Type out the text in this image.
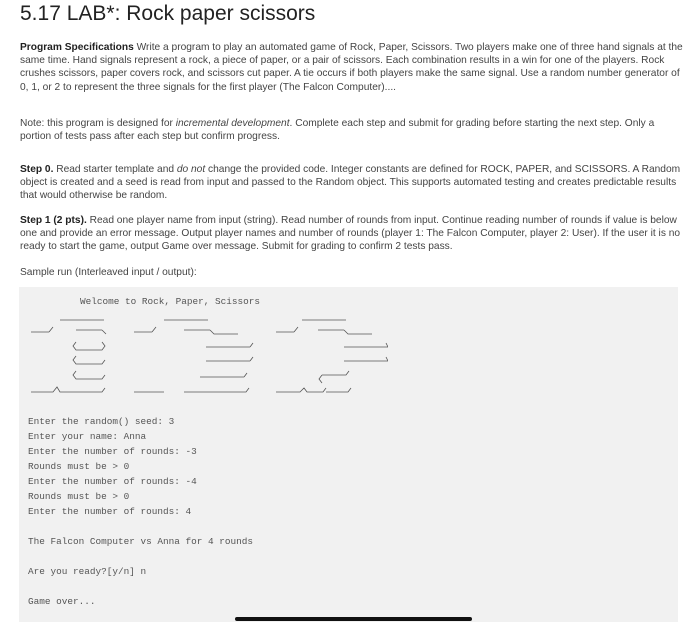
5.17 LAB*: Rock paper scissors

Program Specifications Write a program to play an automated game of Rock, Paper, Scissors. Two players make one of three hand signals at the same time. Hand signals represent a rock, a piece of paper, or a pair of scissors. Each combination results in a win for one of the players. Rock crushes scissors, paper covers rock, and scissors cut paper. A tie occurs if both players make the same signal. Use a random number generator of 0, 1, or 2 to represent the three signals for the first player (The Falcon Computer)....

Note: this program is designed for incremental development. Complete each step and submit for grading before starting the next step. Only a portion of tests pass after each step but confirm progress.

Step 0. Read starter template and do not change the provided code. Integer constants are defined for ROCK, PAPER, and SCISSORS. A Random object is created and a seed is read from input and passed to the Random object. This supports automated testing and creates predictable results that would otherwise be random.

Step 1 (2 pts). Read one player name from input (string). Read number of rounds from input. Continue reading number of rounds if value is below one and provide an error message. Output player names and number of rounds (player 1: The Falcon Computer, player 2: User). If the user it is no ready to start the game, output Game over message. Submit for grading to confirm 2 tests pass.

Sample run (Interleaved input / output):

Welcome to Rock, Paper, Scissors

Enter the random() seed: 3

Enter your name: Anna

Enter the number of rounds: -3

Rounds must be > 0

Enter the number of rounds: -4

Rounds must be > 0

Enter the number of rounds: 4

The Falcon Computer vs Anna for 4 rounds

Are you ready?[y/n] n

Game over...
